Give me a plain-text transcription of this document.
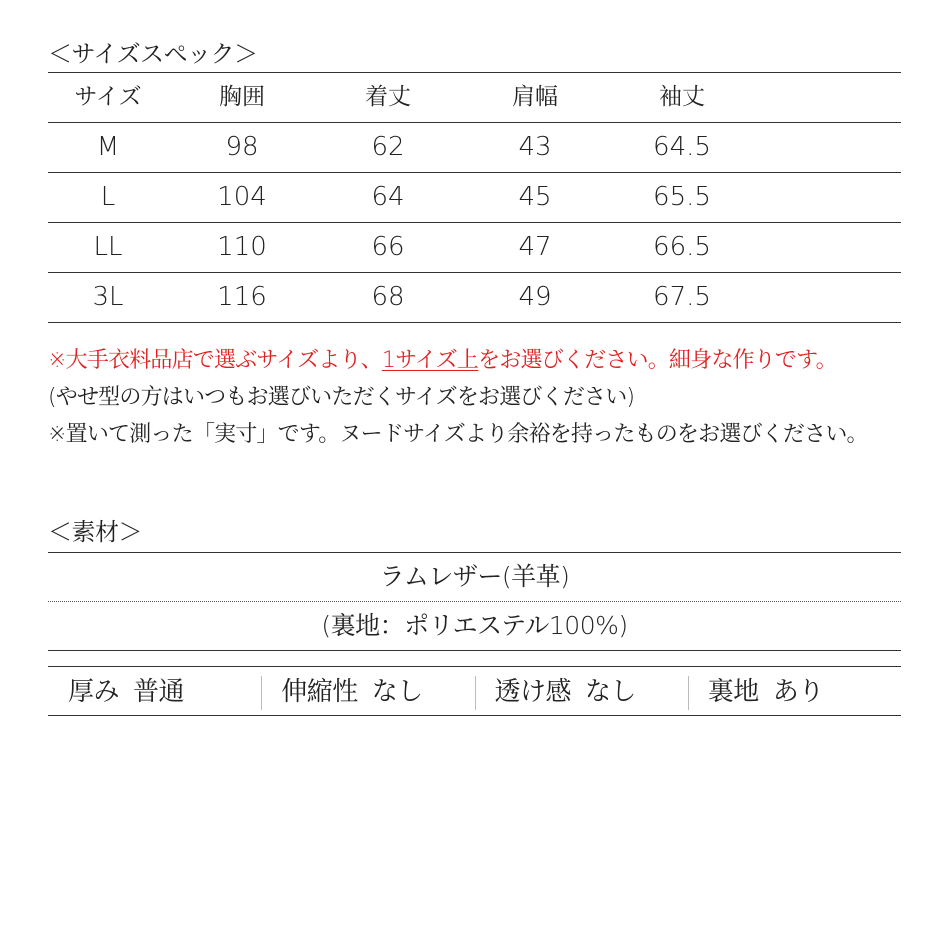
＜サイズスペック＞
サイズ	胸囲	着丈	肩幅	袖丈
M	98	62	43	64.5
L	104	64	45	65.5
LL	110	66	47	66.5
3L	116	68	49	67.5
※大手衣料品店で選ぶサイズより、1サイズ上をお選びください。細身な作りです。
(やせ型の方はいつもお選びいただくサイズをお選びください)
※置いて測った「実寸」です。ヌードサイズより余裕を持ったものをお選びください。
＜素材＞
ラムレザー(羊革)
(裏地：ポリエステル100%)
厚み 普通	伸縮性 なし	透け感 なし	裏地 あり
